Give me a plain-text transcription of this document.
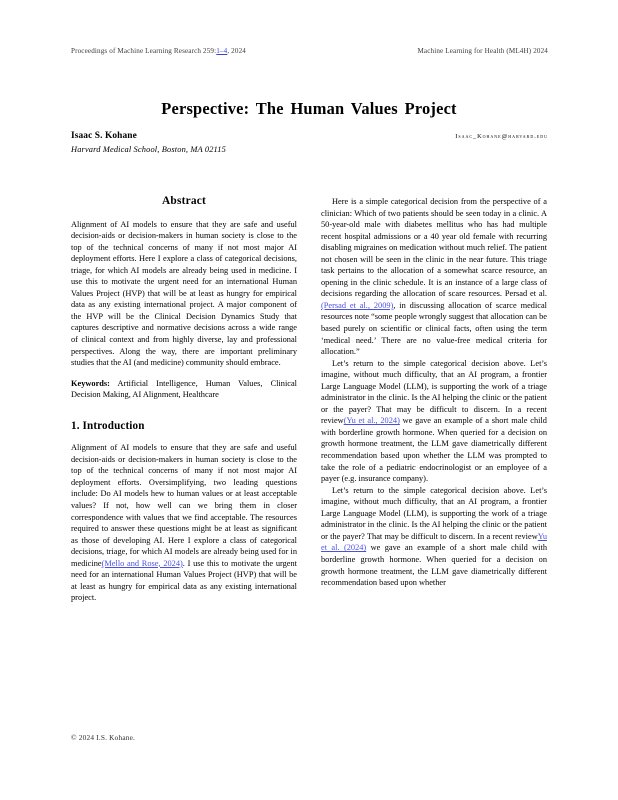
Proceedings of Machine Learning Research 259:1–4, 2024	Machine Learning for Health (ML4H) 2024
Perspective: The Human Values Project
Isaac S. Kohane	Isaac_Kohane@harvard.edu
Harvard Medical School, Boston, MA 02115
Abstract

Alignment of AI models to ensure that they are safe and useful decision-aids or decision-makers in human society is close to the top of the technical concerns of many if not most major AI deployment efforts. Here I explore a class of categorical decisions, triage, for which AI models are already being used in medicine. I use this to motivate the urgent need for an international Human Values Project (HVP) that will be at least as hungry for empirical data as any existing international project. A major component of the HVP will be the Clinical Decision Dynamics Study that captures descriptive and normative decisions across a wide range of clinical context and from highly diverse, lay and professional perspectives. Along the way, there are important preliminary studies that the AI (and medicine) community should embrace.

Keywords: Artificial Intelligence, Human Values, Clinical Decision Making, AI Alignment, Healthcare

1. Introduction

Alignment of AI models to ensure that they are safe and useful decision-aids or decision-makers in human society is close to the top of the technical concerns of many if not most major AI deployment efforts. Oversimplifying, two leading questions include: Do AI models hew to human values or at least acceptable values? If not, how well can we bring them in closer correspondence with values that we find acceptable. The resources required to answer these questions might be at least as significant as those of developing AI. Here I explore a class of categorical decisions, triage, for which AI models are already being used for in medicine(Mello and Rose, 2024). I use this to motivate the urgent need for an international Human Values Project (HVP) that will be at least as hungry for empirical data as any existing international project.

Here is a simple categorical decision from the perspective of a clinician: Which of two patients should be seen today in a clinic. A 50-year-old male with diabetes mellitus who has had multiple recent hospital admissions or a 40 year old female with recurring disabling migraines on medication without much relief. The patient not chosen will be seen in the clinic in the near future. This triage task pertains to the allocation of a somewhat scarce resource, an opening in the clinic schedule. It is an instance of a large class of decisions regarding the allocation of scare resources. Persad et al.(Persad et al., 2009), in discussing allocation of scarce medical resources note “some people wrongly suggest that allocation can be based purely on scientific or clinical facts, often using the term ‘medical need.’ There are no value-free medical criteria for allocation.”

Let’s return to the simple categorical decision above. Let’s imagine, without much difficulty, that an AI program, a frontier Large Language Model (LLM), is supporting the work of a triage administrator in the clinic. Is the AI helping the clinic or the patient or the payer? That may be difficult to discern. In a recent review(Yu et al., 2024) we gave an example of a short male child with borderline growth hormone. When queried for a decision on growth hormone treatment, the LLM gave diametrically different recommendation based upon whether the LLM was prompted to take the role of a pediatric endocrinologist or an employee of a payer (e.g. insurance company).

Let’s return to the simple categorical decision above. Let’s imagine, without much difficulty, that an AI program, a frontier Large Language Model (LLM), is supporting the work of a triage administrator in the clinic. Is the AI helping the clinic or the patient or the payer? That may be difficult to discern. In a recent reviewYu et al. (2024) we gave an example of a short male child with borderline growth hormone. When queried for a decision on growth hormone treatment, the LLM gave diametrically different recommendation based upon whether

© 2024 I.S. Kohane.
